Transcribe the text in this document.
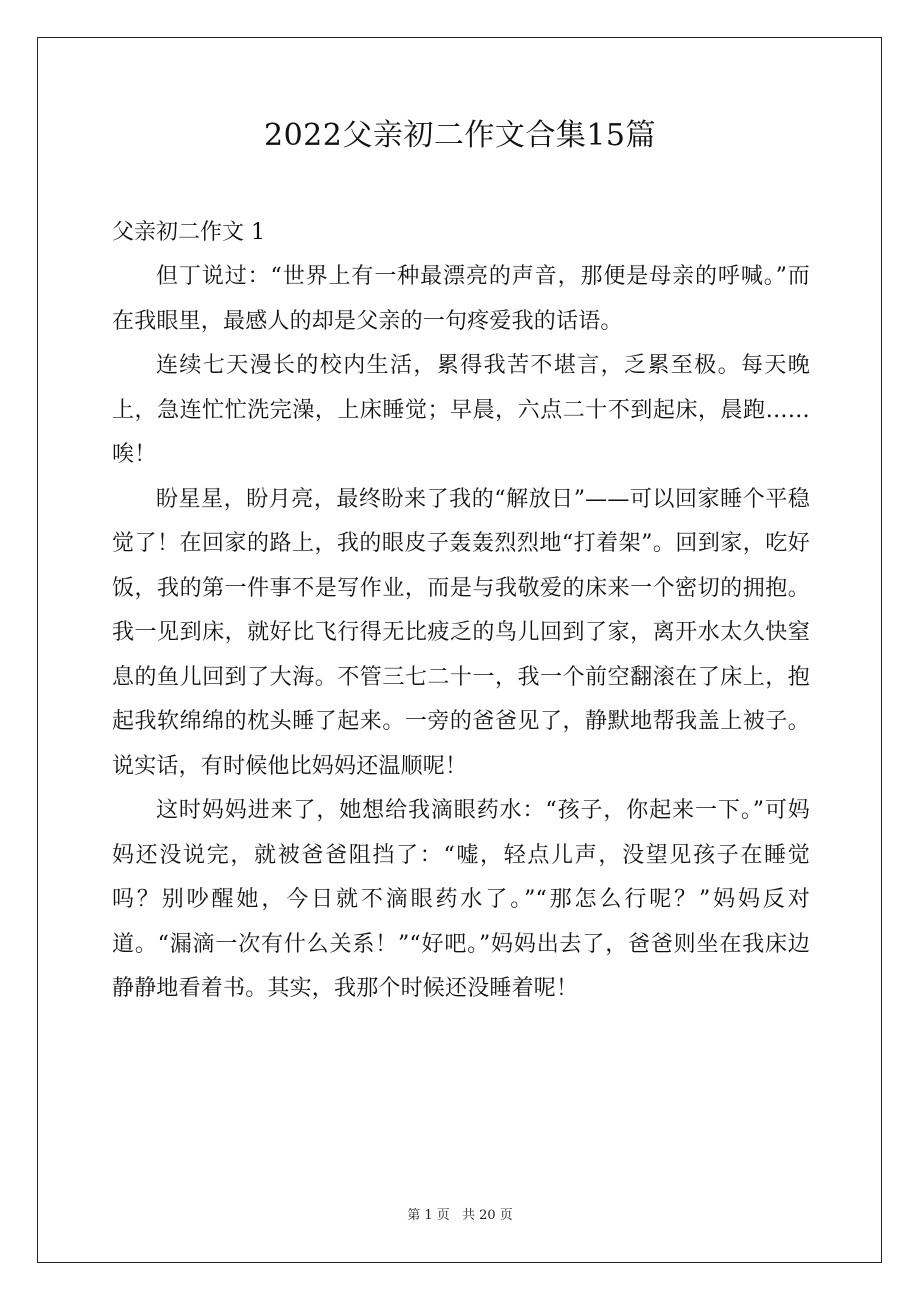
2022父亲初二作文合集15篇

父亲初二作文 1

但丁说过：“世界上有一种最漂亮的声音，那便是母亲的呼喊。”而在我眼里，最感人的却是父亲的一句疼爱我的话语。

连续七天漫长的校内生活，累得我苦不堪言，乏累至极。每天晚上，急连忙忙洗完澡，上床睡觉；早晨，六点二十不到起床，晨跑……唉！

盼星星，盼月亮，最终盼来了我的“解放日”——可以回家睡个平稳觉了！在回家的路上，我的眼皮子轰轰烈烈地“打着架”。回到家，吃好饭，我的第一件事不是写作业，而是与我敬爱的床来一个密切的拥抱。我一见到床，就好比飞行得无比疲乏的鸟儿回到了家，离开水太久快窒息的鱼儿回到了大海。不管三七二十一，我一个前空翻滚在了床上，抱起我软绵绵的枕头睡了起来。一旁的爸爸见了，静默地帮我盖上被子。说实话，有时候他比妈妈还温顺呢！

这时妈妈进来了，她想给我滴眼药水：“孩子，你起来一下。”可妈妈还没说完，就被爸爸阻挡了：“嘘，轻点儿声，没望见孩子在睡觉吗？别吵醒她，今日就不滴眼药水了。”“那怎么行呢？”妈妈反对道。“漏滴一次有什么关系！”“好吧。”妈妈出去了，爸爸则坐在我床边静静地看着书。其实，我那个时候还没睡着呢！

第 1 页 共 20 页
